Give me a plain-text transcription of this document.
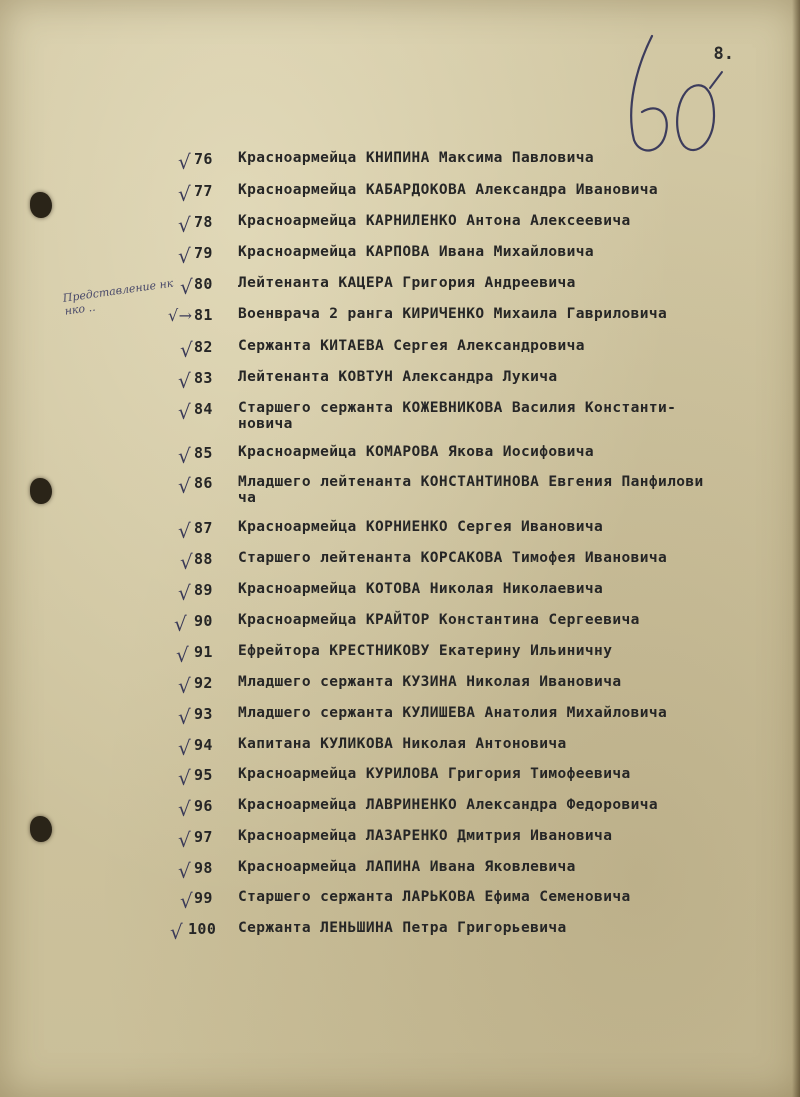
8.
60
Представление нк нко ..
√ 76	Красноармейца КНИПИНА Максима Павловича
√ 77	Красноармейца КАБАРДОКОВА Александра Ивановича
√ 78	Красноармейца КАРНИЛЕНКО Антона Алексеевича
√ 79	Красноармейца КАРПОВА Ивана Михайловича
√ 80	Лейтенанта КАЦЕРА Григория Андреевича
√→ 81	Военврача 2 ранга КИРИЧЕНКО Михаила Гавриловича
√ 82	Сержанта КИТАЕВА Сергея Александровича
√ 83	Лейтенанта КОВТУН Александра Лукича
√ 84	Старшего сержанта КОЖЕВНИКОВА Василия Константи-
новича
√ 85	Красноармейца КОМАРОВА Якова Иосифовича
√ 86	Младшего лейтенанта КОНСТАНТИНОВА Евгения Панфилови
ча
√ 87	Красноармейца КОРНИЕНКО Сергея Ивановича
√ 88	Старшего лейтенанта КОРСАКОВА Тимофея Ивановича
√ 89	Красноармейца КОТОВА Николая Николаевича
√ 90	Красноармейца КРАЙТОР Константина Сергеевича
√ 91	Ефрейтора КРЕСТНИКОВУ Екатерину Ильиничну
√ 92	Младшего сержанта КУЗИНА Николая Ивановича
√ 93	Младшего сержанта КУЛИШЕВА Анатолия Михайловича
√ 94	Капитана КУЛИКОВА Николая Антоновича
√ 95	Красноармейца КУРИЛОВА Григория Тимофеевича
√ 96	Красноармейца ЛАВРИНЕНКО Александра Федоровича
√ 97	Красноармейца ЛАЗАРЕНКО Дмитрия Ивановича
√ 98	Красноармейца ЛАПИНА Ивана Яковлевича
√ 99	Старшего сержанта ЛАРЬКОВА Ефима Семеновича
√ 100	Сержанта ЛЕНЬШИНА Петра Григорьевича
